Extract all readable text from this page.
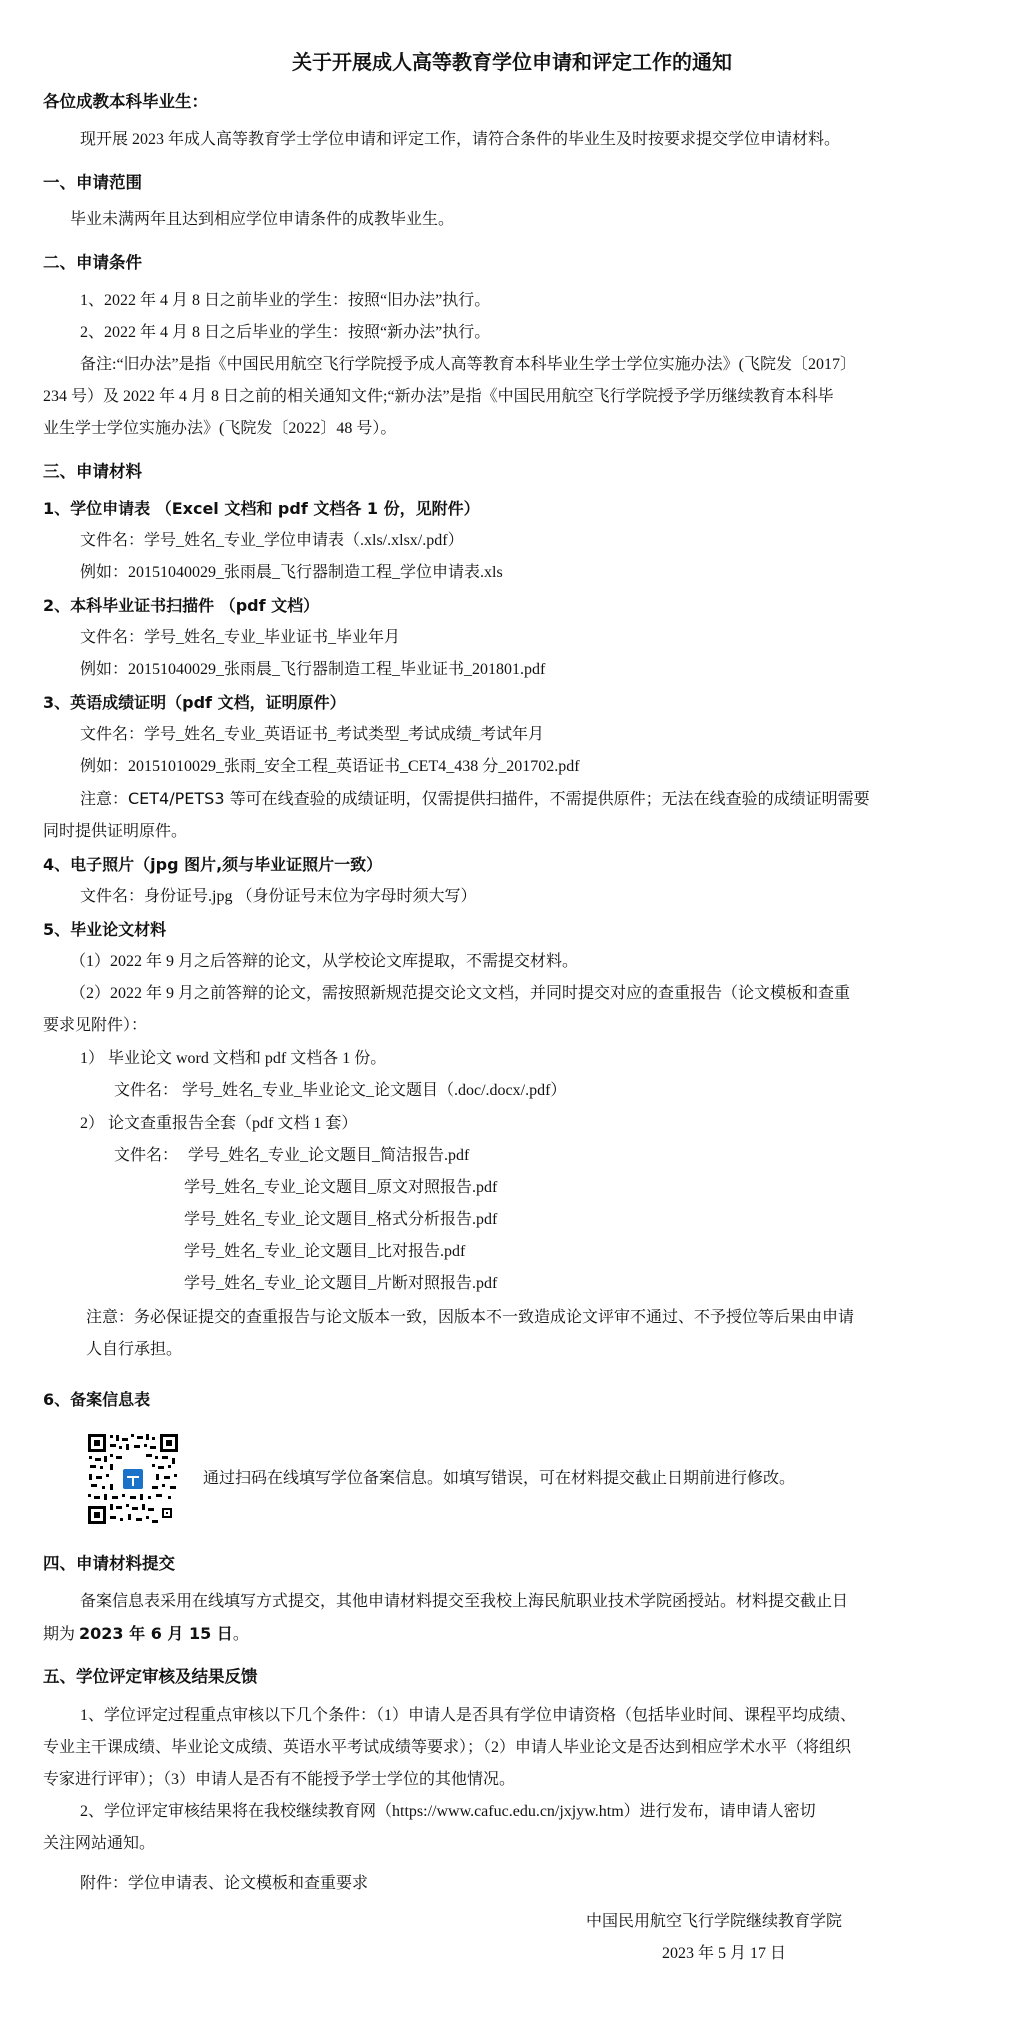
关于开展成人高等教育学位申请和评定工作的通知
各位成教本科毕业生：
现开展 2023 年成人高等教育学士学位申请和评定工作，请符合条件的毕业生及时按要求提交学位申请材料。
一、申请范围
毕业未满两年且达到相应学位申请条件的成教毕业生。
二、申请条件
1、2022 年 4 月 8 日之前毕业的学生：按照“旧办法”执行。
2、2022 年 4 月 8 日之后毕业的学生：按照“新办法”执行。
备注:“旧办法”是指《中国民用航空飞行学院授予成人高等教育本科毕业生学士学位实施办法》(飞院发〔2017〕
234 号）及 2022 年 4 月 8 日之前的相关通知文件;“新办法”是指《中国民用航空飞行学院授予学历继续教育本科毕
业生学士学位实施办法》(飞院发〔2022〕48 号）。
三、申请材料
1、学位申请表 （Excel 文档和 pdf 文档各 1 份，见附件）
文件名：学号_姓名_专业_学位申请表（.xls/.xlsx/.pdf）
例如：20151040029_张雨晨_飞行器制造工程_学位申请表.xls
2、本科毕业证书扫描件 （pdf 文档）
文件名：学号_姓名_专业_毕业证书_毕业年月
例如：20151040029_张雨晨_飞行器制造工程_毕业证书_201801.pdf
3、英语成绩证明（pdf 文档，证明原件）
文件名：学号_姓名_专业_英语证书_考试类型_考试成绩_考试年月
例如：20151010029_张雨_安全工程_英语证书_CET4_438 分_201702.pdf
注意：CET4/PETS3 等可在线查验的成绩证明，仅需提供扫描件，不需提供原件；无法在线查验的成绩证明需要
同时提供证明原件。
4、电子照片（jpg 图片,须与毕业证照片一致）
文件名：身份证号.jpg （身份证号末位为字母时须大写）
5、毕业论文材料
（1）2022 年 9 月之后答辩的论文，从学校论文库提取，不需提交材料。
（2）2022 年 9 月之前答辩的论文，需按照新规范提交论文文档，并同时提交对应的查重报告（论文模板和查重
要求见附件）：
1） 毕业论文 word 文档和 pdf 文档各 1 份。
文件名： 学号_姓名_专业_毕业论文_论文题目（.doc/.docx/.pdf）
2） 论文查重报告全套（pdf 文档 1 套）
文件名： 学号_姓名_专业_论文题目_简洁报告.pdf
学号_姓名_专业_论文题目_原文对照报告.pdf
学号_姓名_专业_论文题目_格式分析报告.pdf
学号_姓名_专业_论文题目_比对报告.pdf
学号_姓名_专业_论文题目_片断对照报告.pdf
注意：务必保证提交的查重报告与论文版本一致，因版本不一致造成论文评审不通过、不予授位等后果由申请
人自行承担。
6、备案信息表
通过扫码在线填写学位备案信息。如填写错误，可在材料提交截止日期前进行修改。
四、申请材料提交
备案信息表采用在线填写方式提交，其他申请材料提交至我校上海民航职业技术学院函授站。材料提交截止日
期为 2023 年 6 月 15 日。
五、学位评定审核及结果反馈
1、学位评定过程重点审核以下几个条件：（1）申请人是否具有学位申请资格（包括毕业时间、课程平均成绩、
专业主干课成绩、毕业论文成绩、英语水平考试成绩等要求）；（2）申请人毕业论文是否达到相应学术水平（将组织
专家进行评审）；（3）申请人是否有不能授予学士学位的其他情况。
2、学位评定审核结果将在我校继续教育网（https://www.cafuc.edu.cn/jxjyw.htm）进行发布，请申请人密切
关注网站通知。
附件：学位申请表、论文模板和查重要求
中国民用航空飞行学院继续教育学院
2023 年 5 月 17 日
